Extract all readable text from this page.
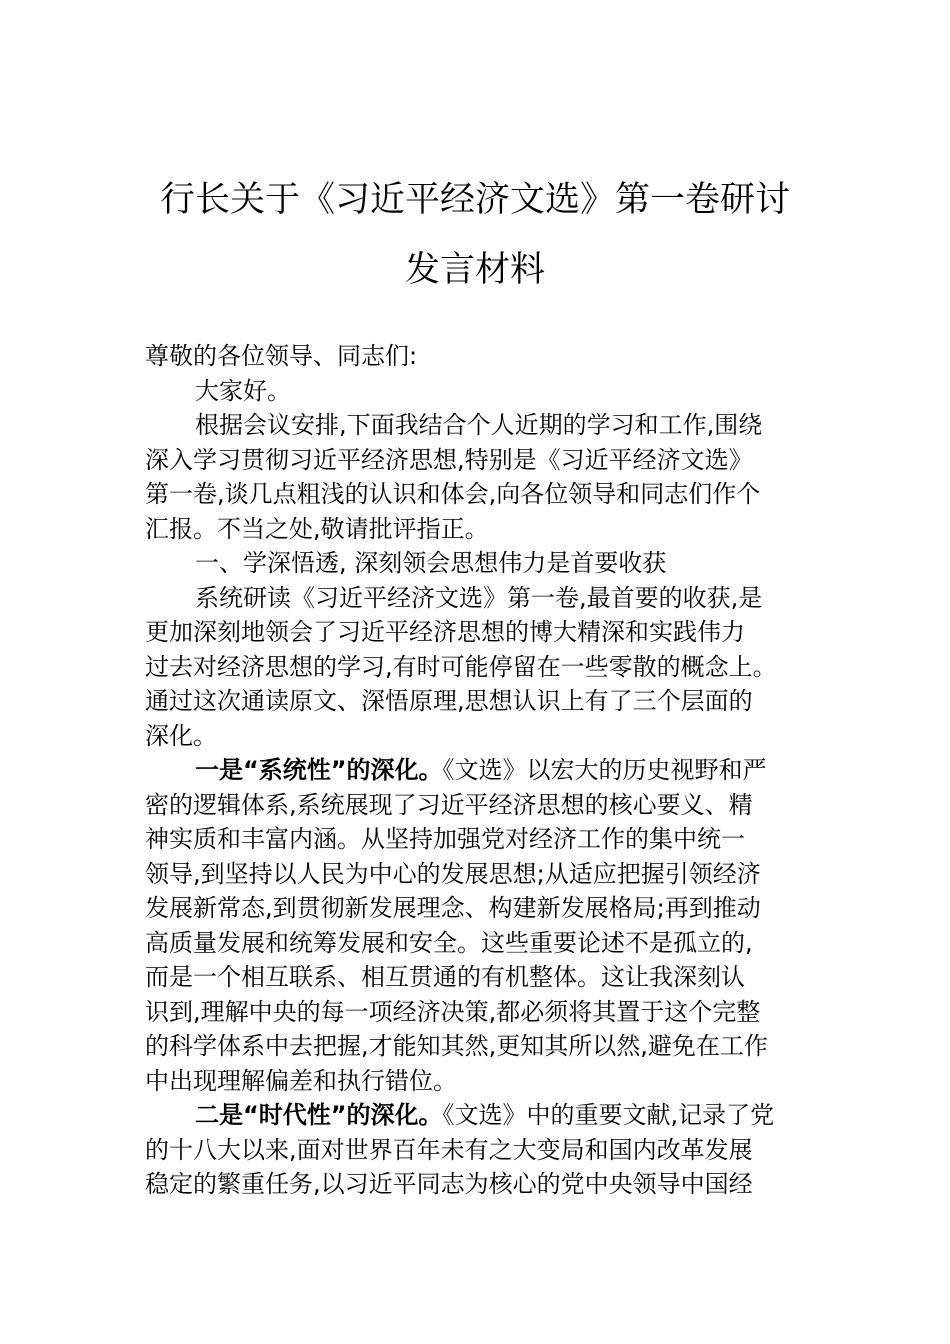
行长关于《习近平经济文选》第一卷研讨
发言材料
尊敬的各位领导、同志们:
大家好。
根据会议安排,下面我结合个人近期的学习和工作,围绕
深入学习贯彻习近平经济思想,特别是《习近平经济文选》
第一卷,谈几点粗浅的认识和体会,向各位领导和同志们作个
汇报。不当之处,敬请批评指正。
一、学深悟透, 深刻领会思想伟力是首要收获
系统研读《习近平经济文选》第一卷,最首要的收获,是
更加深刻地领会了习近平经济思想的博大精深和实践伟力
过去对经济思想的学习,有时可能停留在一些零散的概念上。
通过这次通读原文、深悟原理,思想认识上有了三个层面的
深化。
一是“系统性”的深化。《文选》以宏大的历史视野和严
密的逻辑体系,系统展现了习近平经济思想的核心要义、精
神实质和丰富内涵。从坚持加强党对经济工作的集中统一
领导,到坚持以人民为中心的发展思想;从适应把握引领经济
发展新常态,到贯彻新发展理念、构建新发展格局;再到推动
高质量发展和统筹发展和安全。这些重要论述不是孤立的,
而是一个相互联系、相互贯通的有机整体。这让我深刻认
识到,理解中央的每一项经济决策,都必须将其置于这个完整
的科学体系中去把握,才能知其然,更知其所以然,避免在工作
中出现理解偏差和执行错位。
二是“时代性”的深化。《文选》中的重要文献,记录了党
的十八大以来,面对世界百年未有之大变局和国内改革发展
稳定的繁重任务,以习近平同志为核心的党中央领导中国经
